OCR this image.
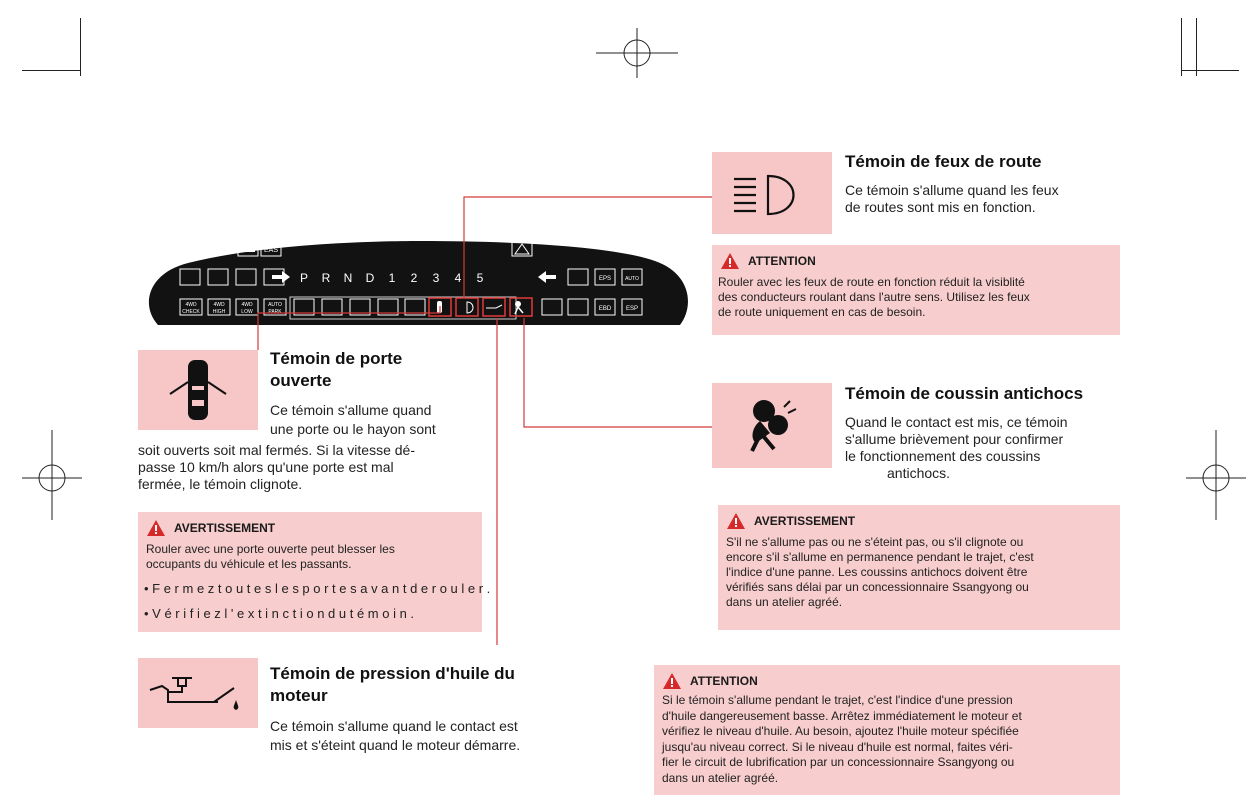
EAS
P R N D 1 2 3 4 5	EPS	AUTO
4WD
CHECK
4WD
HIGH
4WD
LOW
AUTO
PARK	EBD ESP
Témoin de feux de route
Ce témoin s'allume quand les feux
de routes sont mis en fonction.
ATTENTION
Rouler avec les feux de route en fonction réduit la visiblité
des conducteurs roulant dans l'autre sens. Utilisez les feux
de route uniquement en cas de besoin.
Témoin de porte
ouverte
Ce témoin s'allume quand
une porte ou le hayon sont
soit ouverts soit mal fermés. Si la vitesse dé-
passe 10 km/h alors qu'une porte est mal
fermée, le témoin clignote.
AVERTISSEMENT
Rouler avec une porte ouverte peut blesser les
occupants du véhicule et les passants.
• F e r m e z t o u t e s l e s p o r t e s a v a n t d e r o u l e r .
• V é r i f i e z l ' e x t i n c t i o n d u t é m o i n .
Témoin de coussin antichocs
Quand le contact est mis, ce témoin
s'allume brièvement pour confirmer
le fonctionnement des coussins
antichocs.
AVERTISSEMENT
S'il ne s'allume pas ou ne s'éteint pas, ou s'il clignote ou
encore s'il s'allume en permanence pendant le trajet, c'est
l'indice d'une panne. Les coussins antichocs doivent être
vérifiés sans délai par un concessionnaire Ssangyong ou
dans un atelier agréé.
Témoin de pression d'huile du
moteur
Ce témoin s'allume quand le contact est
mis et s'éteint quand le moteur démarre.
ATTENTION
Si le témoin s'allume pendant le trajet, c'est l'indice d'une pression
d'huile dangereusement basse. Arrêtez immédiatement le moteur et
vérifiez le niveau d'huile. Au besoin, ajoutez l'huile moteur spécifiée
jusqu'au niveau correct. Si le niveau d'huile est normal, faites véri-
fier le circuit de lubrification par un concessionnaire Ssangyong ou
dans un atelier agréé.
